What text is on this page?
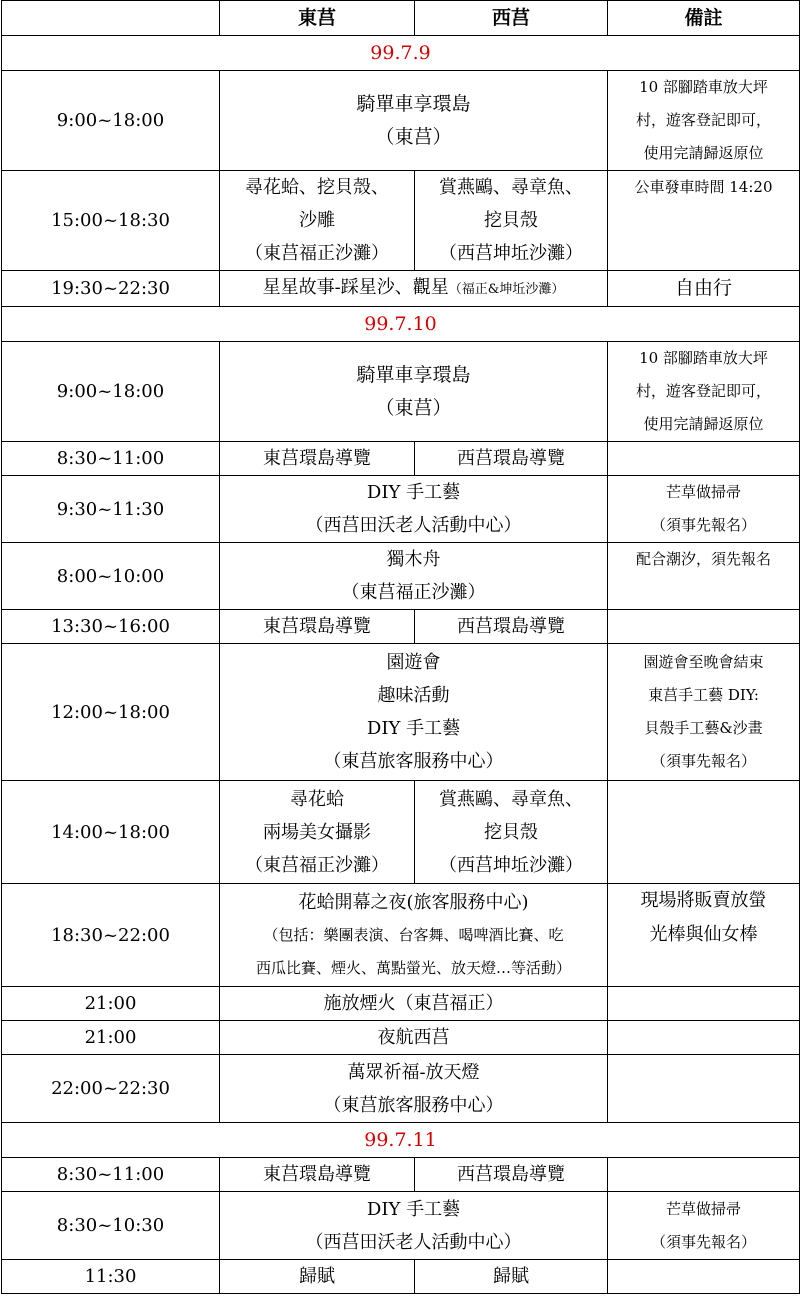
	東莒	西莒	備註
99.7.9			
9:00~18:00	騎單車享環島
（東莒）		10 部腳踏車放大坪
村，遊客登記即可，
使用完請歸返原位

15:00~18:30	尋花蛤、挖貝殼、
沙雕
（東莒福正沙灘）	賞燕鷗、尋章魚、
挖貝殼
（西莒坤坵沙灘）	公車發車時間 14:20

19:30~22:30	星星故事-踩星沙、觀星（福正&坤坵沙灘）		自由行
99.7.10			
9:00~18:00	騎單車享環島
（東莒）		10 部腳踏車放大坪
村，遊客登記即可，
使用完請歸返原位

8:30~11:00	東莒環島導覽	西莒環島導覽	
9:30~11:30	DIY 手工藝
（西莒田沃老人活動中心）		芒草做掃帚
（須事先報名）

8:00~10:00	獨木舟
（東莒福正沙灘）		配合潮汐，須先報名

13:30~16:00	東莒環島導覽	西莒環島導覽	
12:00~18:00	園遊會
趣味活動
DIY 手工藝
（東莒旅客服務中心）		園遊會至晚會結束
東莒手工藝 DIY:
貝殼手工藝&沙畫
（須事先報名）

14:00~18:00	尋花蛤
兩場美女攝影
（東莒福正沙灘）	賞燕鷗、尋章魚、
挖貝殼
（西莒坤坵沙灘）	

18:30~22:00	花蛤開幕之夜(旅客服務中心)
（包括：樂團表演、台客舞、喝啤酒比賽、吃
西瓜比賽、煙火、萬點螢光、放天燈…等活動）		現場將販賣放螢
光棒與仙女棒

21:00	施放煙火（東莒福正）		
21:00	夜航西莒		
22:00~22:30	萬眾祈福-放天燈
（東莒旅客服務中心）		

99.7.11			
8:30~11:00	東莒環島導覽	西莒環島導覽	
8:30~10:30	DIY 手工藝
（西莒田沃老人活動中心）		芒草做掃帚
（須事先報名）

11:30	歸賦	歸賦	
